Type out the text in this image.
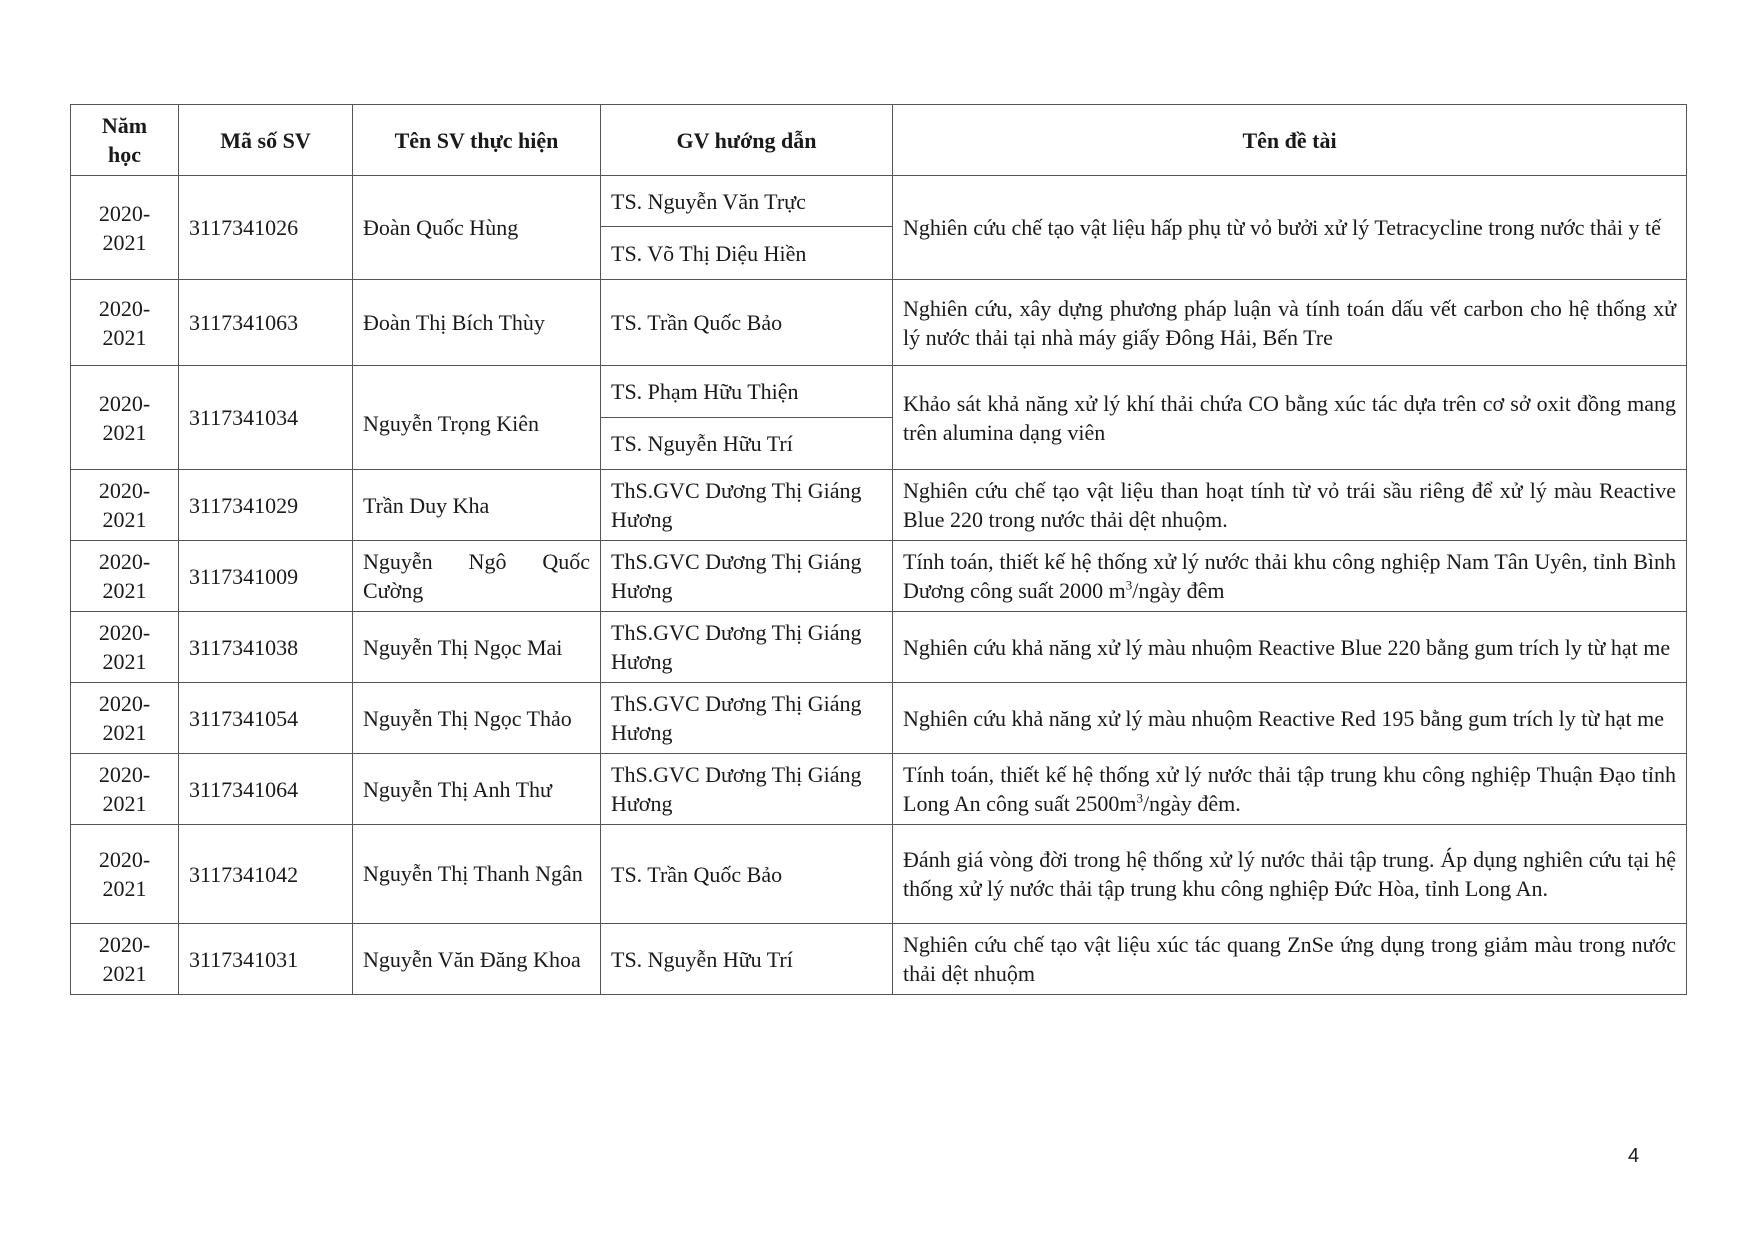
Năm học	Mã số SV	Tên SV thực hiện	GV hướng dẫn	Tên đề tài
2020-2021	3117341026	Đoàn Quốc Hùng	TS. Nguyễn Văn Trực	Nghiên cứu chế tạo vật liệu hấp phụ từ vỏ bưởi xử lý Tetracycline trong nước thải y tế
			TS. Võ Thị Diệu Hiền	
2020-2021	3117341063	Đoàn Thị Bích Thùy	TS. Trần Quốc Bảo	Nghiên cứu, xây dựng phương pháp luận và tính toán dấu vết carbon cho hệ thống xử lý nước thải tại nhà máy giấy Đông Hải, Bến Tre
2020-2021	3117341034	Nguyễn Trọng Kiên	TS. Phạm Hữu Thiện	Khảo sát khả năng xử lý khí thải chứa CO bằng xúc tác dựa trên cơ sở oxit đồng mang trên alumina dạng viên
			TS. Nguyễn Hữu Trí	
2020-2021	3117341029	Trần Duy Kha	ThS.GVC Dương Thị Giáng Hương	Nghiên cứu chế tạo vật liệu than hoạt tính từ vỏ trái sầu riêng để xử lý màu Reactive Blue 220 trong nước thải dệt nhuộm.
2020-2021	3117341009	Nguyễn Ngô Quốc Cường	ThS.GVC Dương Thị Giáng Hương	Tính toán, thiết kế hệ thống xử lý nước thải khu công nghiệp Nam Tân Uyên, tỉnh Bình Dương công suất 2000 $m^3$/ngày đêm
2020-2021	3117341038	Nguyễn Thị Ngọc Mai	ThS.GVC Dương Thị Giáng Hương	Nghiên cứu khả năng xử lý màu nhuộm Reactive Blue 220 bằng gum trích ly từ hạt me
2020-2021	3117341054	Nguyễn Thị Ngọc Thảo	ThS.GVC Dương Thị Giáng Hương	Nghiên cứu khả năng xử lý màu nhuộm Reactive Red 195 bằng gum trích ly từ hạt me
2020-2021	3117341064	Nguyễn Thị Anh Thư	ThS.GVC Dương Thị Giáng Hương	Tính toán, thiết kế hệ thống xử lý nước thải tập trung khu công nghiệp Thuận Đạo tỉnh Long An công suất $2500m^3$/ngày đêm.
2020-2021	3117341042	Nguyễn Thị Thanh Ngân	TS. Trần Quốc Bảo	Đánh giá vòng đời trong hệ thống xử lý nước thải tập trung. Áp dụng nghiên cứu tại hệ thống xử lý nước thải tập trung khu công nghiệp Đức Hòa, tỉnh Long An.
2020-2021	3117341031	Nguyễn Văn Đăng Khoa	TS. Nguyễn Hữu Trí	Nghiên cứu chế tạo vật liệu xúc tác quang ZnSe ứng dụng trong giảm màu trong nước thải dệt nhuộm
4
